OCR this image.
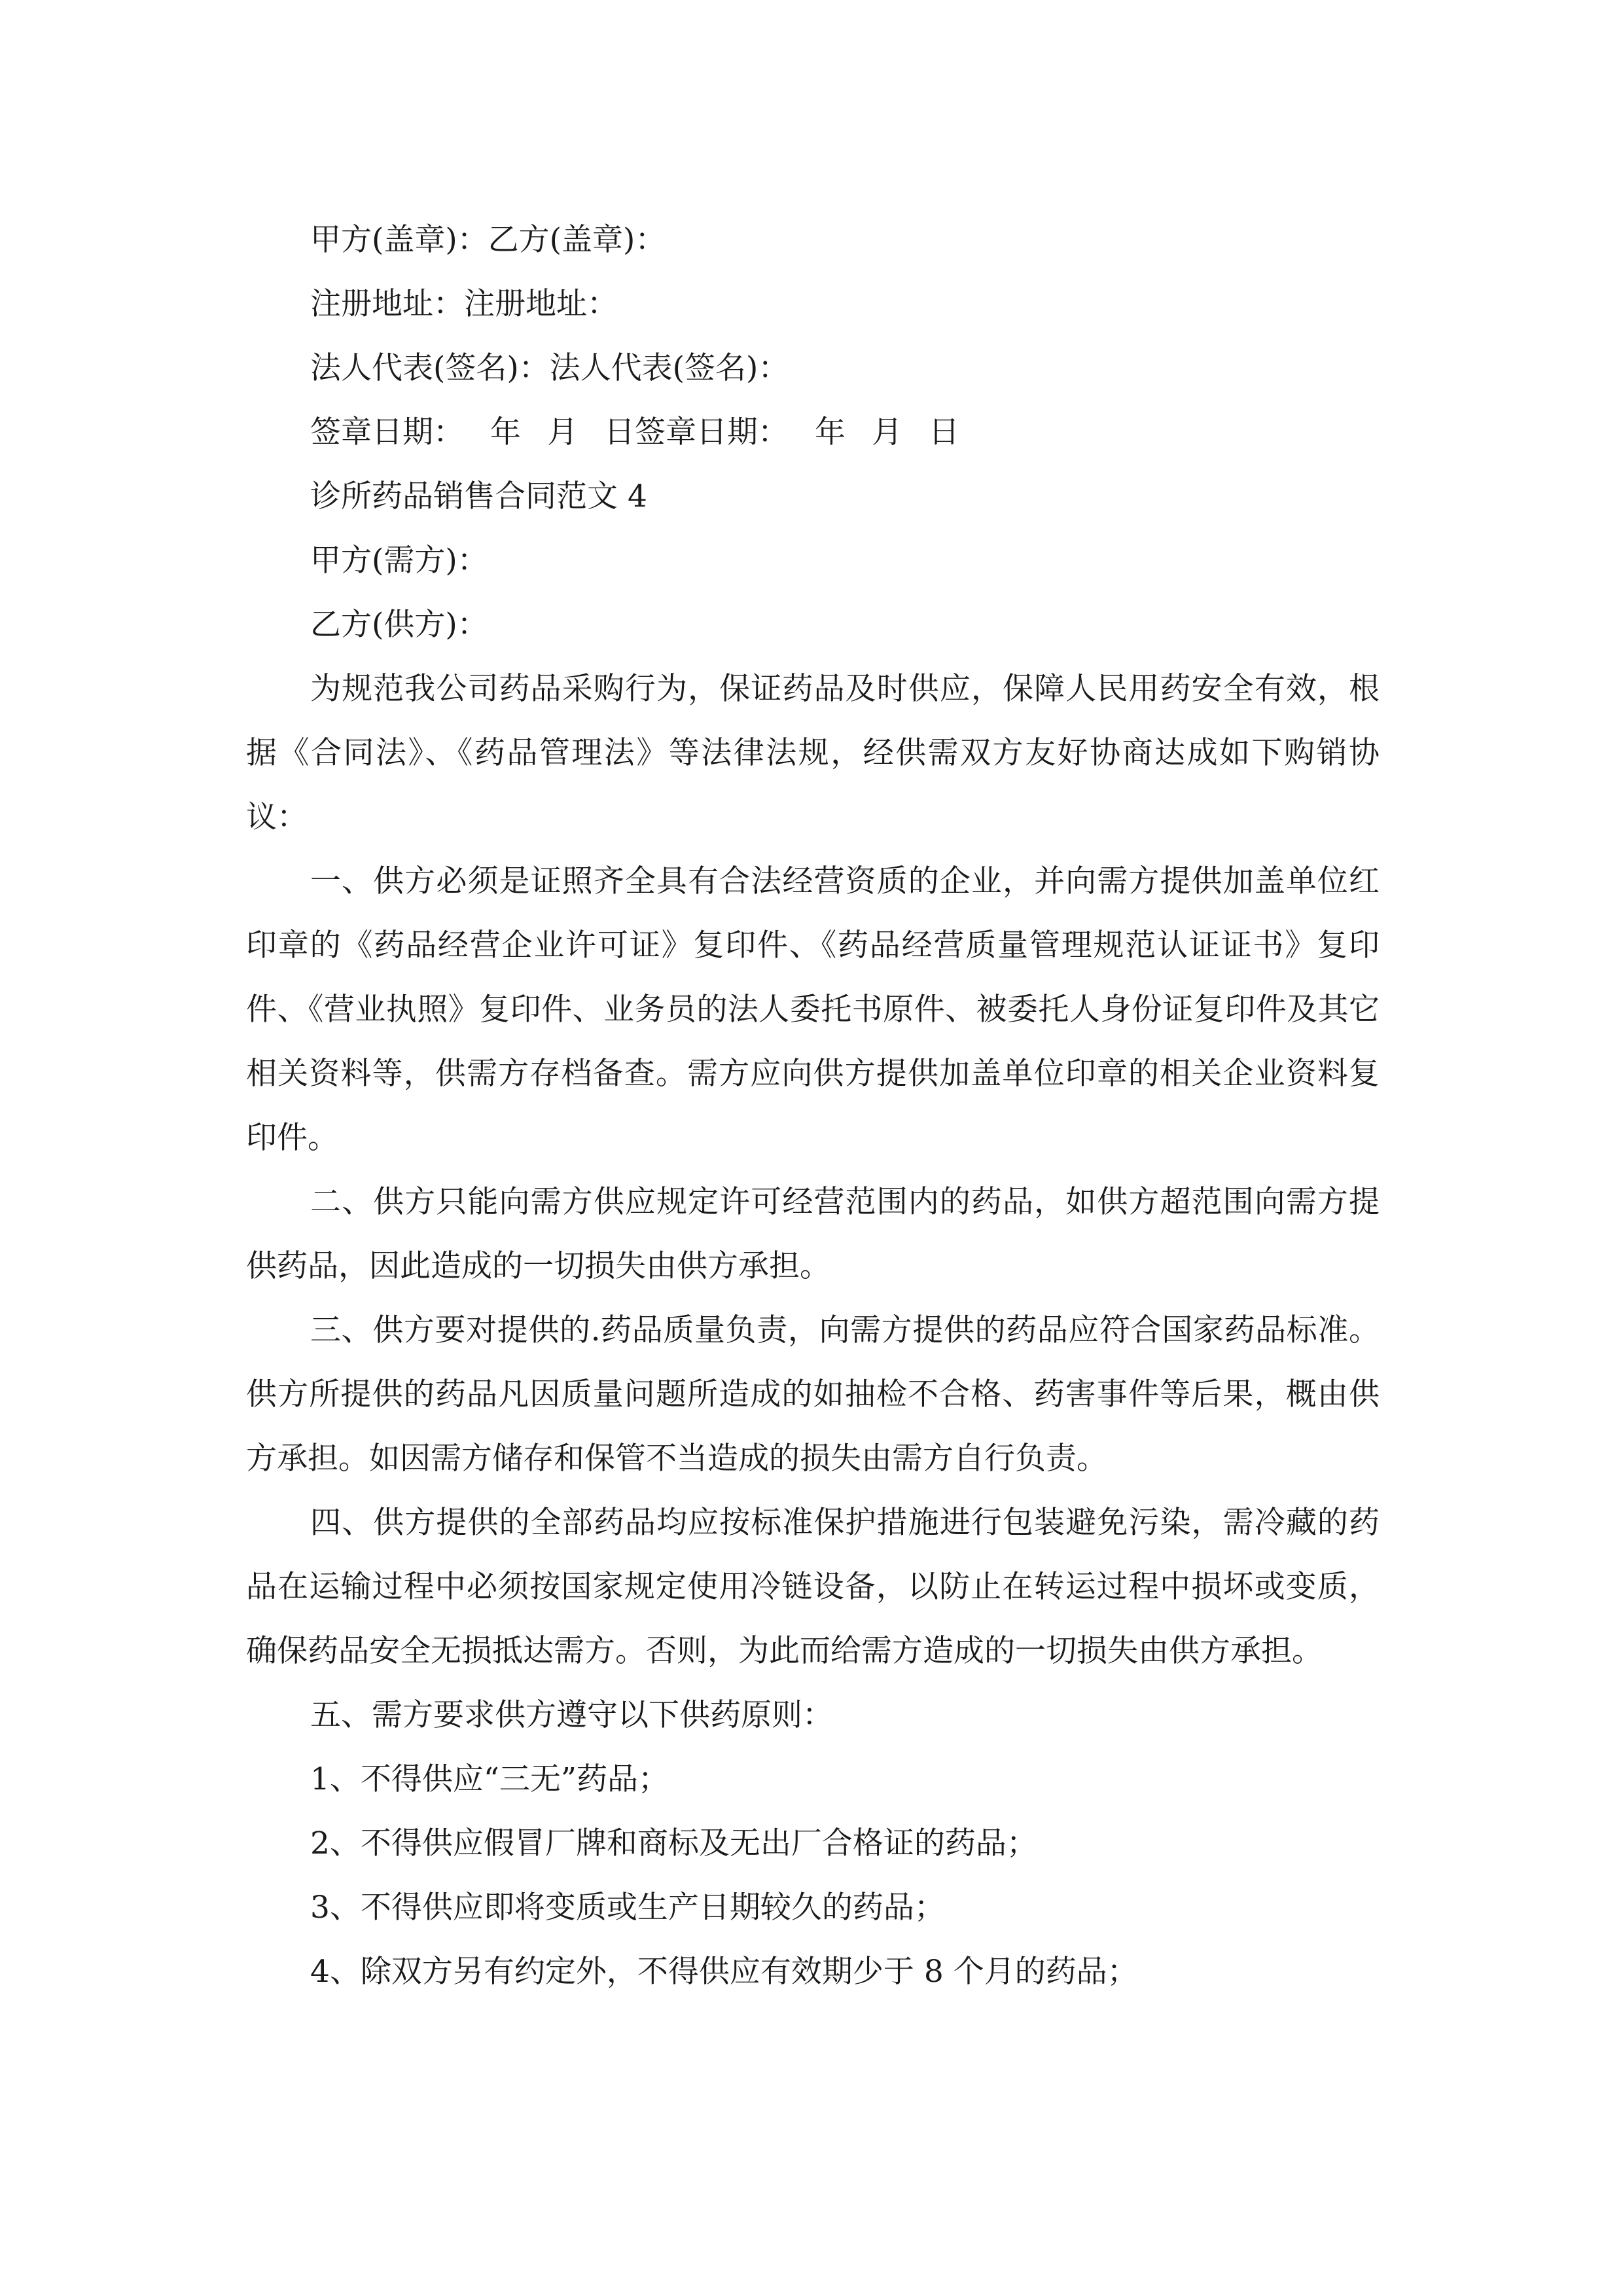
甲方(盖章)：乙方(盖章)：
注册地址：注册地址：
法人代表(签名)：法人代表(签名)：
签章日期： 年 月 日签章日期： 年 月 日
诊所药品销售合同范文 4
甲方(需方)：
乙方(供方)：

为规范我公司药品采购行为，保证药品及时供应，保障人民用药安全有效，根据《合同法》、《药品管理法》等法律法规，经供需双方友好协商达成如下购销协议：

一、供方必须是证照齐全具有合法经营资质的企业，并向需方提供加盖单位红印章的《药品经营企业许可证》复印件、《药品经营质量管理规范认证证书》复印件、《营业执照》复印件、业务员的法人委托书原件、被委托人身份证复印件及其它相关资料等，供需方存档备查。需方应向供方提供加盖单位印章的相关企业资料复印件。

二、供方只能向需方供应规定许可经营范围内的药品，如供方超范围向需方提供药品，因此造成的一切损失由供方承担。

三、供方要对提供的.药品质量负责，向需方提供的药品应符合国家药品标准。供方所提供的药品凡因质量问题所造成的如抽检不合格、药害事件等后果，概由供方承担。如因需方储存和保管不当造成的损失由需方自行负责。

四、供方提供的全部药品均应按标准保护措施进行包装避免污染，需冷藏的药品在运输过程中必须按国家规定使用冷链设备，以防止在转运过程中损坏或变质，确保药品安全无损抵达需方。否则，为此而给需方造成的一切损失由供方承担。

五、需方要求供方遵守以下供药原则：
1、不得供应“三无”药品；
2、不得供应假冒厂牌和商标及无出厂合格证的药品；
3、不得供应即将变质或生产日期较久的药品；
4、除双方另有约定外，不得供应有效期少于 8 个月的药品；
